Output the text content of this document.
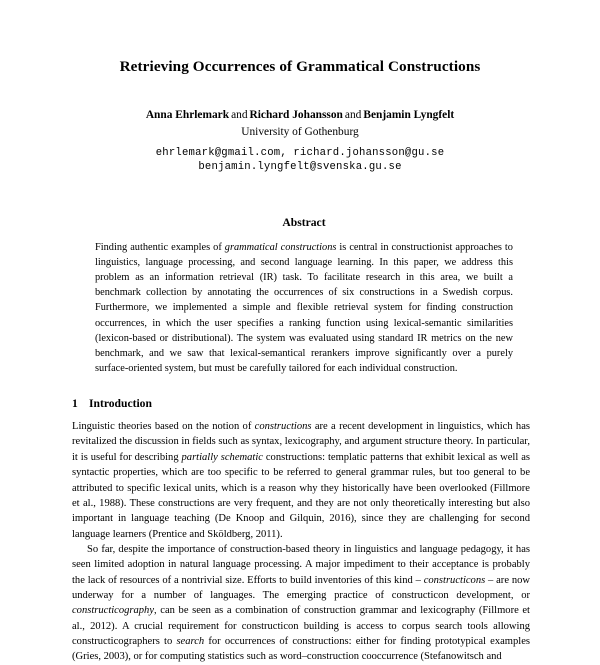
Retrieving Occurrences of Grammatical Constructions
Anna Ehrlemark and Richard Johansson and Benjamin Lyngfelt
University of Gothenburg
ehrlemark@gmail.com, richard.johansson@gu.se
benjamin.lyngfelt@svenska.gu.se
Abstract

Finding authentic examples of grammatical constructions is central in constructionist approaches to linguistics, language processing, and second language learning. In this paper, we address this problem as an information retrieval (IR) task. To facilitate research in this area, we built a benchmark collection by annotating the occurrences of six constructions in a Swedish corpus. Furthermore, we implemented a simple and flexible retrieval system for finding construction occurrences, in which the user specifies a ranking function using lexical-semantic similarities (lexicon-based or distributional). The system was evaluated using standard IR metrics on the new benchmark, and we saw that lexical-semantical rerankers improve significantly over a purely surface-oriented system, but must be carefully tailored for each individual construction.

1 Introduction

Linguistic theories based on the notion of constructions are a recent development in linguistics, which has revitalized the discussion in fields such as syntax, lexicography, and argument structure theory. In particular, it is useful for describing partially schematic constructions: templatic patterns that exhibit lexical as well as syntactic properties, which are too specific to be referred to general grammar rules, but too general to be attributed to specific lexical units, which is a reason why they historically have been overlooked (Fillmore et al., 1988). These constructions are very frequent, and they are not only theoretically interesting but also important in language teaching (De Knoop and Gilquin, 2016), since they are challenging for second language learners (Prentice and Sköldberg, 2011).

So far, despite the importance of construction-based theory in linguistics and language pedagogy, it has seen limited adoption in natural language processing. A major impediment to their acceptance is probably the lack of resources of a nontrivial size. Efforts to build inventories of this kind – constructicons – are now underway for a number of languages. The emerging practice of constructicon development, or constructicography, can be seen as a combination of construction grammar and lexicography (Fillmore et al., 2012). A crucial requirement for constructicon building is access to corpus search tools allowing constructicographers to search for occurrences of constructions: either for finding prototypical examples (Gries, 2003), or for computing statistics such as word–construction cooccurrence (Stefanowitsch and
